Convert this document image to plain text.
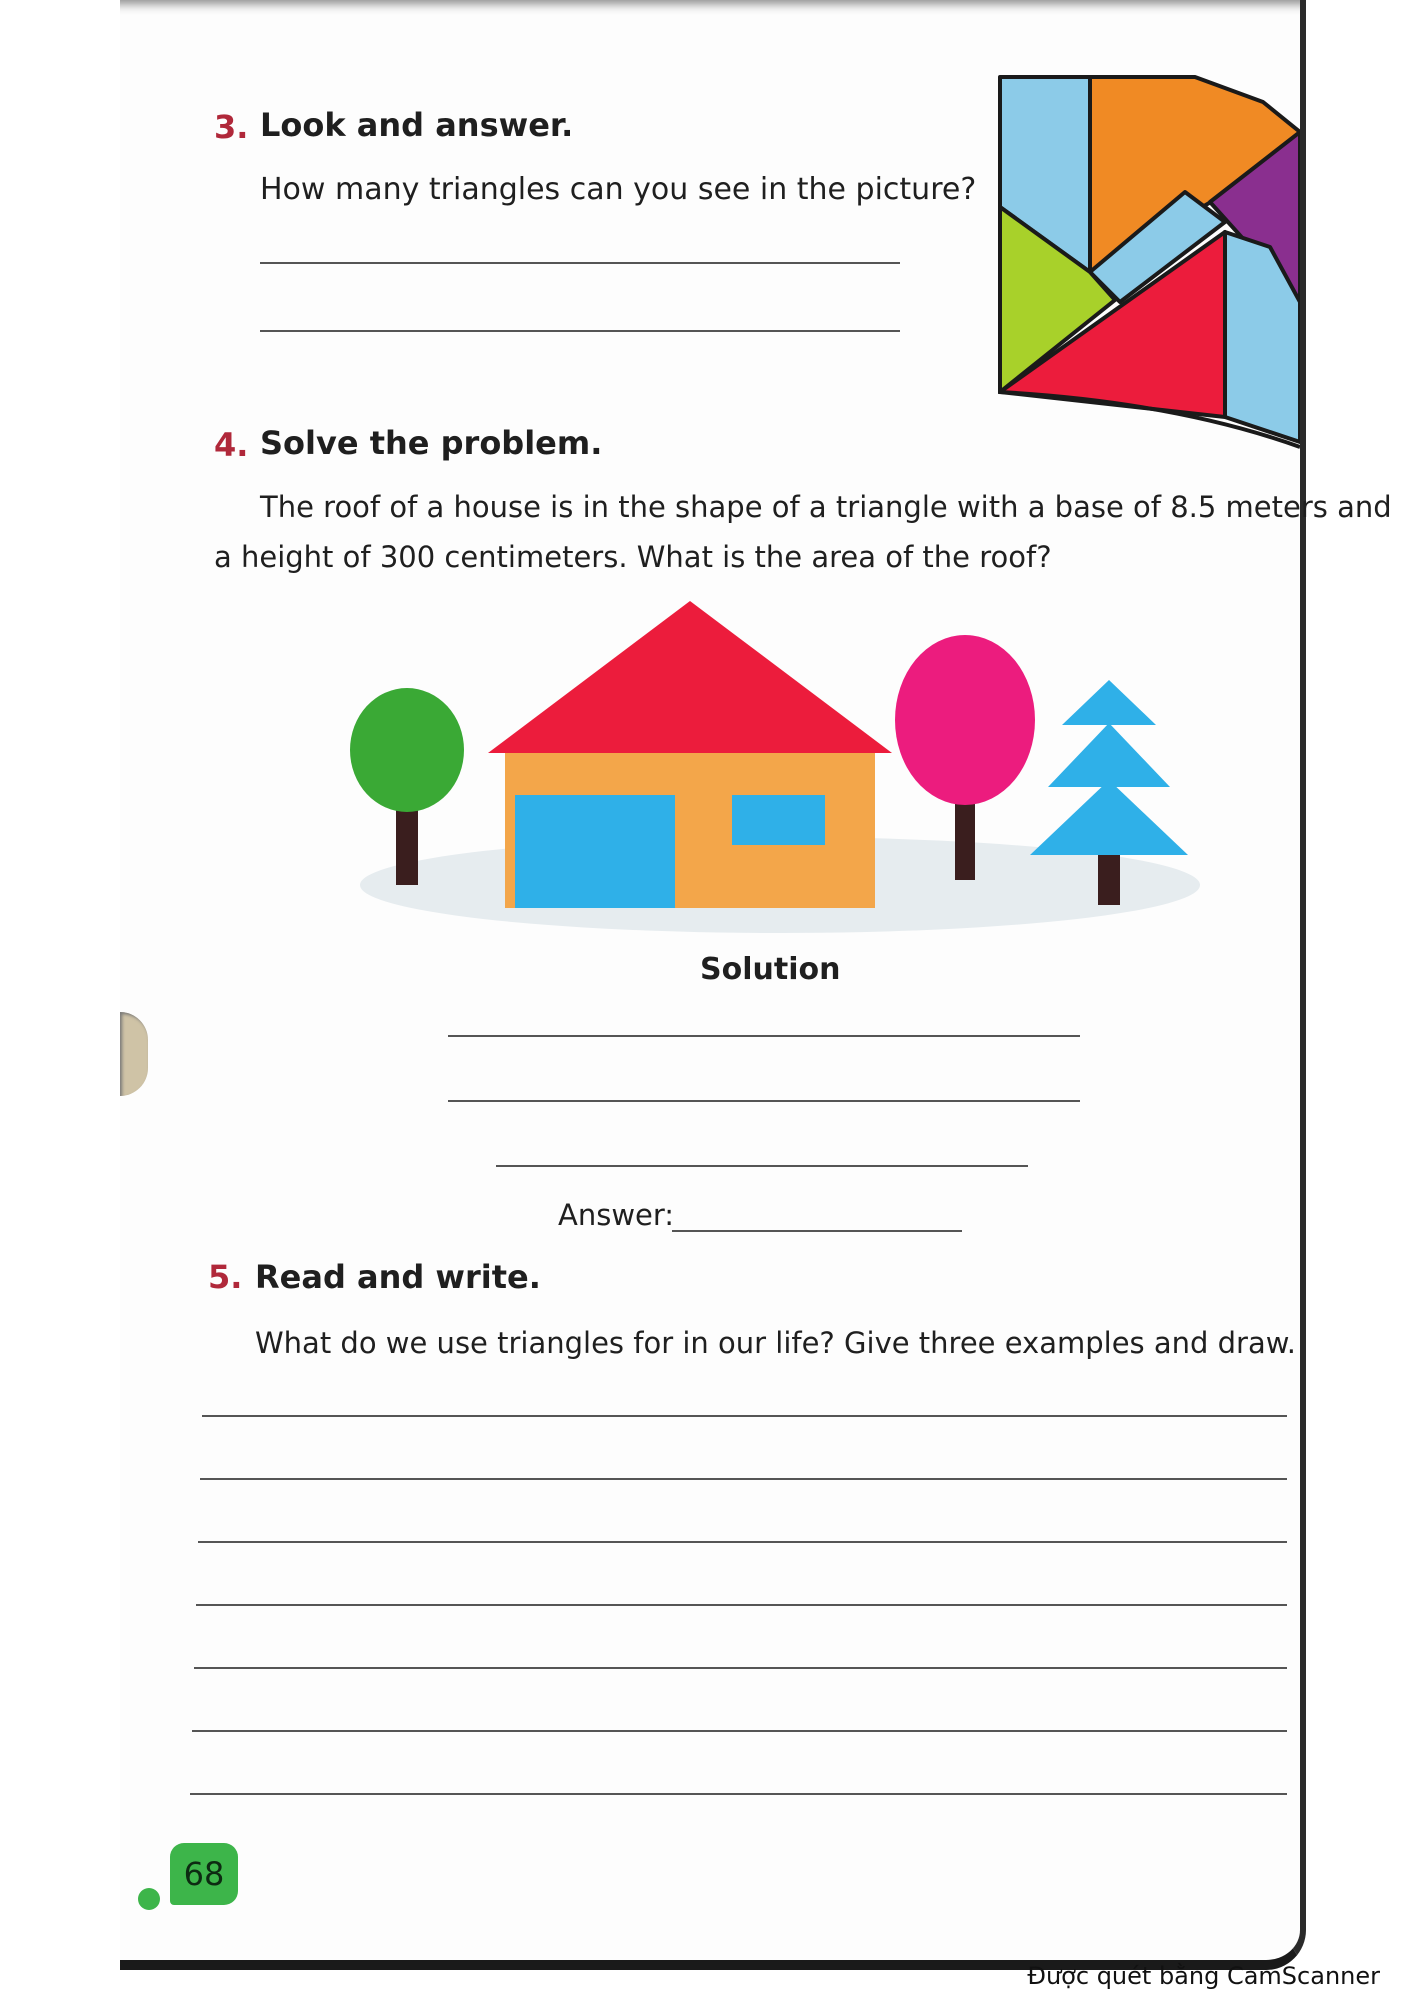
3. Look and answer.
How many triangles can you see in the picture?
4. Solve the problem.
The roof of a house is in the shape of a triangle with a base of 8.5 meters and
a height of 300 centimeters. What is the area of the roof?
Solution
Answer:
5. Read and write.
What do we use triangles for in our life? Give three examples and draw.
68
Được quét bằng CamScanner
